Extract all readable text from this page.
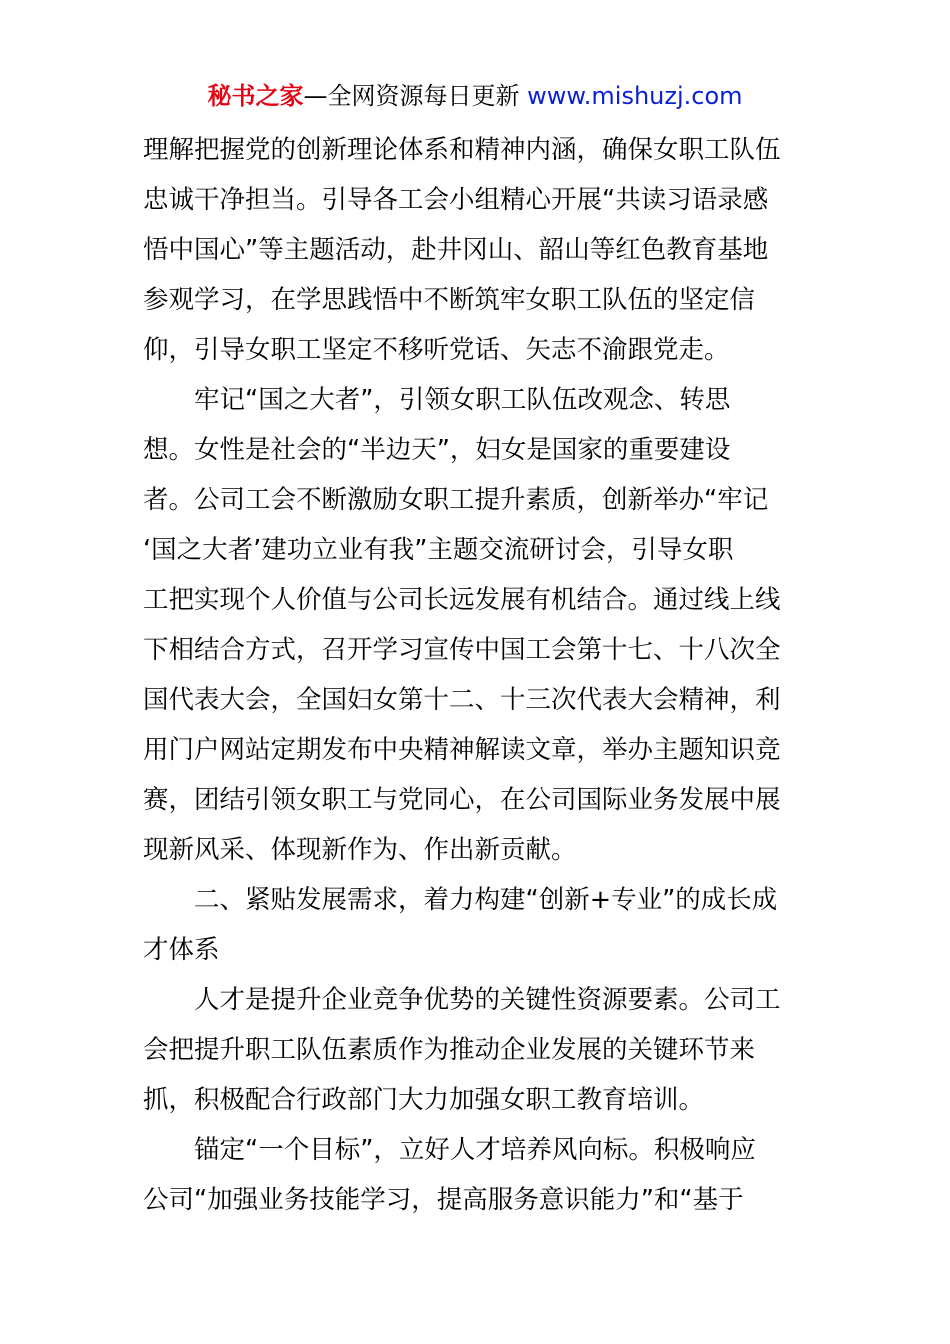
秘书之家—全网资源每日更新 www.mishuzj.com
理解把握党的创新理论体系和精神内涵，确保女职工队伍
忠诚干净担当。引导各工会小组精心开展“共读习语录感
悟中国心”等主题活动，赴井冈山、韶山等红色教育基地
参观学习，在学思践悟中不断筑牢女职工队伍的坚定信
仰，引导女职工坚定不移听党话、矢志不渝跟党走。
牢记“国之大者”，引领女职工队伍改观念、转思
想。女性是社会的“半边天”，妇女是国家的重要建设
者。公司工会不断激励女职工提升素质，创新举办“牢记
‘国之大者’建功立业有我”主题交流研讨会，引导女职
工把实现个人价值与公司长远发展有机结合。通过线上线
下相结合方式，召开学习宣传中国工会第十七、十八次全
国代表大会，全国妇女第十二、十三次代表大会精神，利
用门户网站定期发布中央精神解读文章，举办主题知识竞
赛，团结引领女职工与党同心，在公司国际业务发展中展
现新风采、体现新作为、作出新贡献。
二、紧贴发展需求，着力构建“创新+专业”的成长成
才体系
人才是提升企业竞争优势的关键性资源要素。公司工
会把提升职工队伍素质作为推动企业发展的关键环节来
抓，积极配合行政部门大力加强女职工教育培训。
锚定“一个目标”，立好人才培养风向标。积极响应
公司“加强业务技能学习，提高服务意识能力”和“基于
